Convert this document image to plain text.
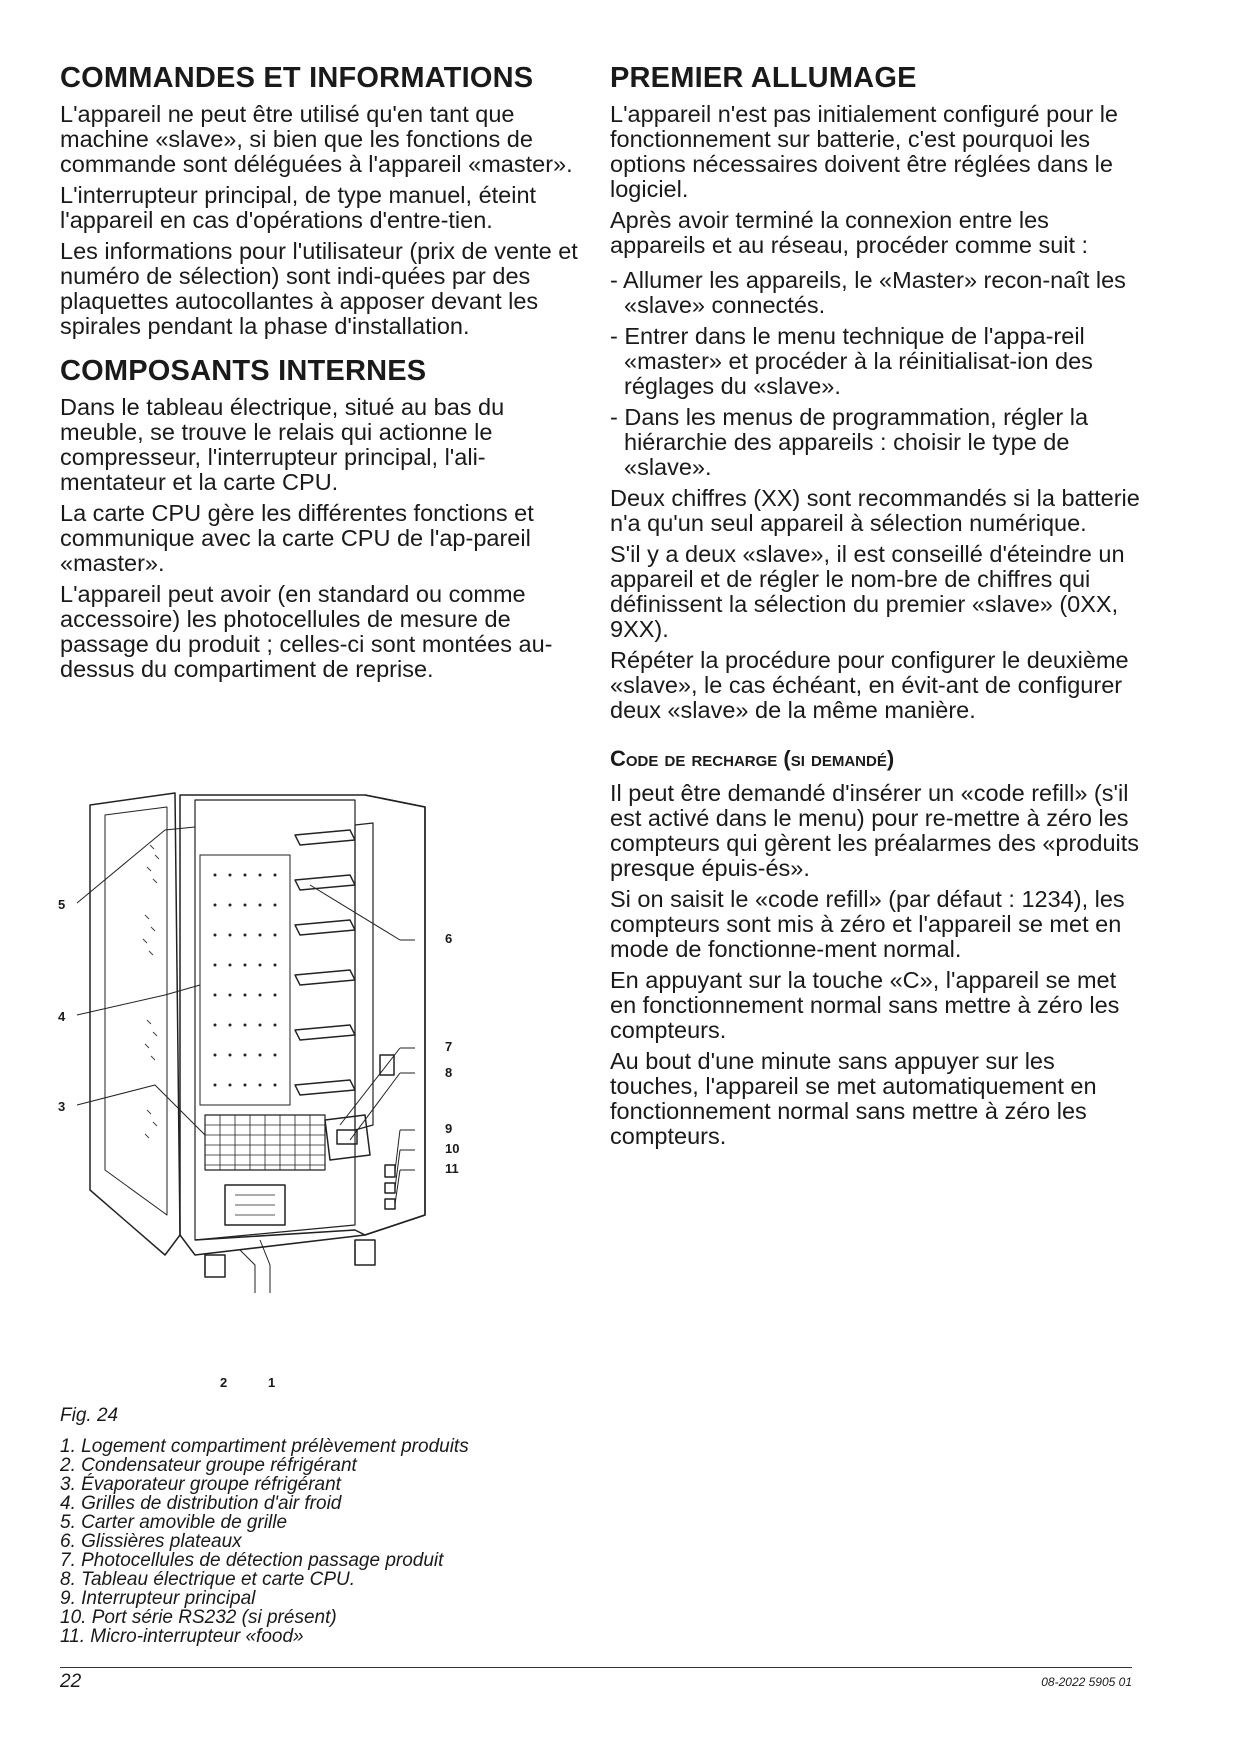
COMMANDES ET INFORMATIONS

L'appareil ne peut être utilisé qu'en tant que machine «slave», si bien que les fonctions de commande sont déléguées à l'appareil «master».

L'interrupteur principal, de type manuel, éteint l'appareil en cas d'opérations d'entre-tien.

Les informations pour l'utilisateur (prix de vente et numéro de sélection) sont indi-quées par des plaquettes autocollantes à apposer devant les spirales pendant la phase d'installation.

COMPOSANTS INTERNES

Dans le tableau électrique, situé au bas du meuble, se trouve le relais qui actionne le compresseur, l'interrupteur principal, l'ali-mentateur et la carte CPU.

La carte CPU gère les différentes fonctions et communique avec la carte CPU de l'ap-pareil «master».

L'appareil peut avoir (en standard ou comme accessoire) les photocellules de mesure de passage du produit ; celles-ci sont montées au-dessus du compartiment de reprise.

5
4
3
6
7
8
9
10
11
2	1

Fig. 24

1. Logement compartiment prélèvement produits
2. Condensateur groupe réfrigérant
3. Évaporateur groupe réfrigérant
4. Grilles de distribution d'air froid
5. Carter amovible de grille
6. Glissières plateaux
7. Photocellules de détection passage produit
8. Tableau électrique et carte CPU.
9. Interrupteur principal
10. Port série RS232 (si présent)
11. Micro-interrupteur «food»
PREMIER ALLUMAGE

L'appareil n'est pas initialement configuré pour le fonctionnement sur batterie, c'est pourquoi les options nécessaires doivent être réglées dans le logiciel.

Après avoir terminé la connexion entre les appareils et au réseau, procéder comme suit :

- Allumer les appareils, le «Master» recon-naît les «slave» connectés.

- Entrer dans le menu technique de l'appa-reil «master» et procéder à la réinitialisat-ion des réglages du «slave».

- Dans les menus de programmation, régler la hiérarchie des appareils : choisir le type de «slave».

Deux chiffres (XX) sont recommandés si la batterie n'a qu'un seul appareil à sélection numérique.

S'il y a deux «slave», il est conseillé d'éteindre un appareil et de régler le nom-bre de chiffres qui définissent la sélection du premier «slave» (0XX, 9XX).

Répéter la procédure pour configurer le deuxième «slave», le cas échéant, en évit-ant de configurer deux «slave» de la même manière.

Code de recharge (si demandé)

Il peut être demandé d'insérer un «code refill» (s'il est activé dans le menu) pour re-mettre à zéro les compteurs qui gèrent les préalarmes des «produits presque épuis-és».

Si on saisit le «code refill» (par défaut : 1234), les compteurs sont mis à zéro et l'appareil se met en mode de fonctionne-ment normal.

En appuyant sur la touche «C», l'appareil se met en fonctionnement normal sans mettre à zéro les compteurs.

Au bout d'une minute sans appuyer sur les touches, l'appareil se met automatiquement en fonctionnement normal sans mettre à zéro les compteurs.

22	08-2022 5905 01
